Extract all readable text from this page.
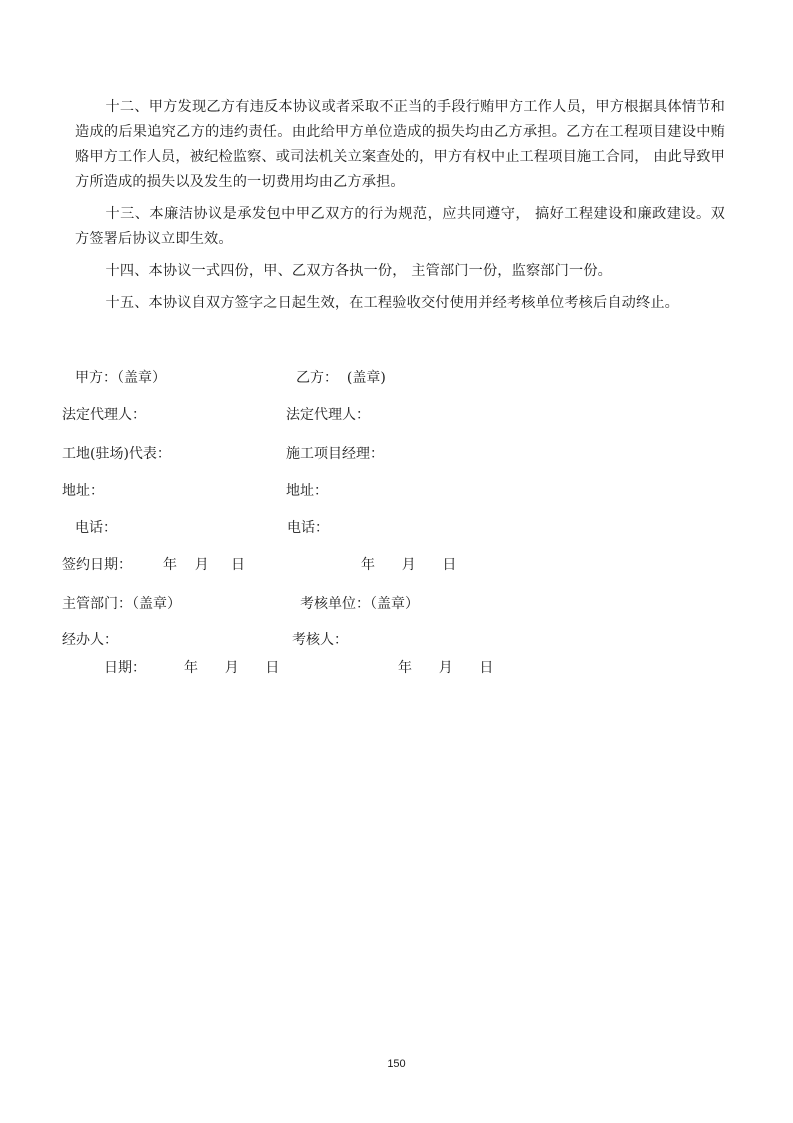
十二、甲方发现乙方有违反本协议或者采取不正当的手段行贿甲方工作人员，甲方根据具体情节和造成的后果追究乙方的违约责任。由此给甲方单位造成的损失均由乙方承担。乙方在工程项目建设中贿赂甲方工作人员，被纪检监察、或司法机关立案查处的，甲方有权中止工程项目施工合同， 由此导致甲方所造成的损失以及发生的一切费用均由乙方承担。

十三、本廉洁协议是承发包中甲乙双方的行为规范，应共同遵守， 搞好工程建设和廉政建设。双方签署后协议立即生效。

十四、本协议一式四份，甲、乙双方各执一份， 主管部门一份，监察部门一份。

十五、本协议自双方签字之日起生效，在工程验收交付使用并经考核单位考核后自动终止。

甲方：（盖章）	乙方：  (盖章)
法定代理人：	法定代理人：
工地(驻场)代表：	施工项目经理：
地址：	地址：
电话：	电话：
签约日期： 年    月     日	年      月      日
主管部门：（盖章）	考核单位：（盖章）
经办人：	考核人：
日期：	年      月      日	年      月      日
150
